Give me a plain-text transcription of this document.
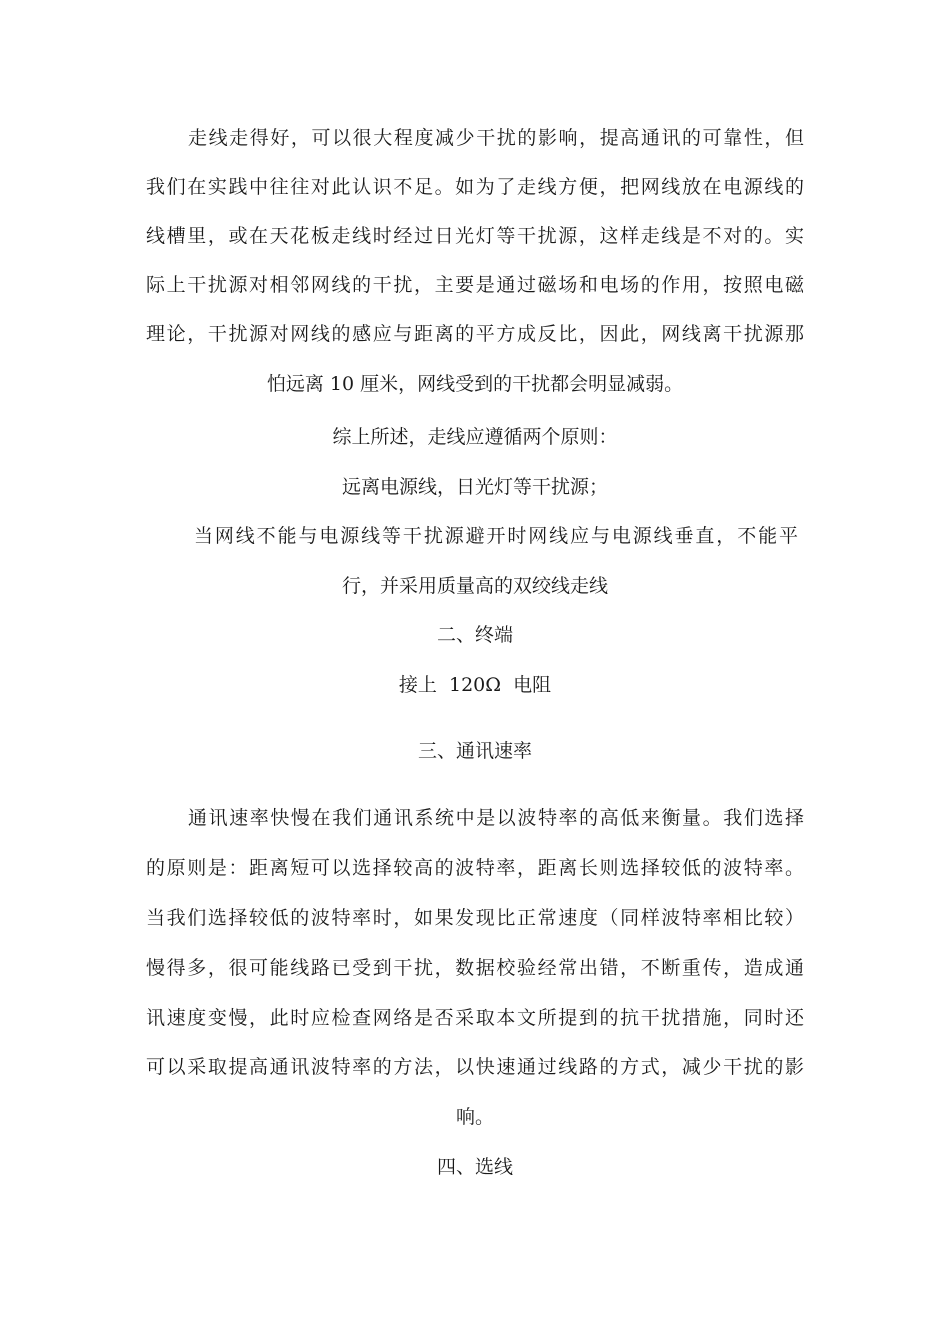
走线走得好，可以很大程度减少干扰的影响，提高通讯的可靠性，但
我们在实践中往往对此认识不足。如为了走线方便，把网线放在电源线的
线槽里，或在天花板走线时经过日光灯等干扰源，这样走线是不对的。实
际上干扰源对相邻网线的干扰，主要是通过磁场和电场的作用，按照电磁
理论，干扰源对网线的感应与距离的平方成反比，因此，网线离干扰源那
怕远离 10 厘米，网线受到的干扰都会明显减弱。
综上所述，走线应遵循两个原则：
远离电源线，日光灯等干扰源；
当网线不能与电源线等干扰源避开时网线应与电源线垂直，不能平
行，并采用质量高的双绞线走线
二、终端
接上  120Ω  电阻
三、通讯速率
通讯速率快慢在我们通讯系统中是以波特率的高低来衡量。我们选择
的原则是：距离短可以选择较高的波特率，距离长则选择较低的波特率。
当我们选择较低的波特率时，如果发现比正常速度（同样波特率相比较）
慢得多，很可能线路已受到干扰，数据校验经常出错，不断重传，造成通
讯速度变慢，此时应检查网络是否采取本文所提到的抗干扰措施，同时还
可以采取提高通讯波特率的方法，以快速通过线路的方式，减少干扰的影
响。
四、选线
